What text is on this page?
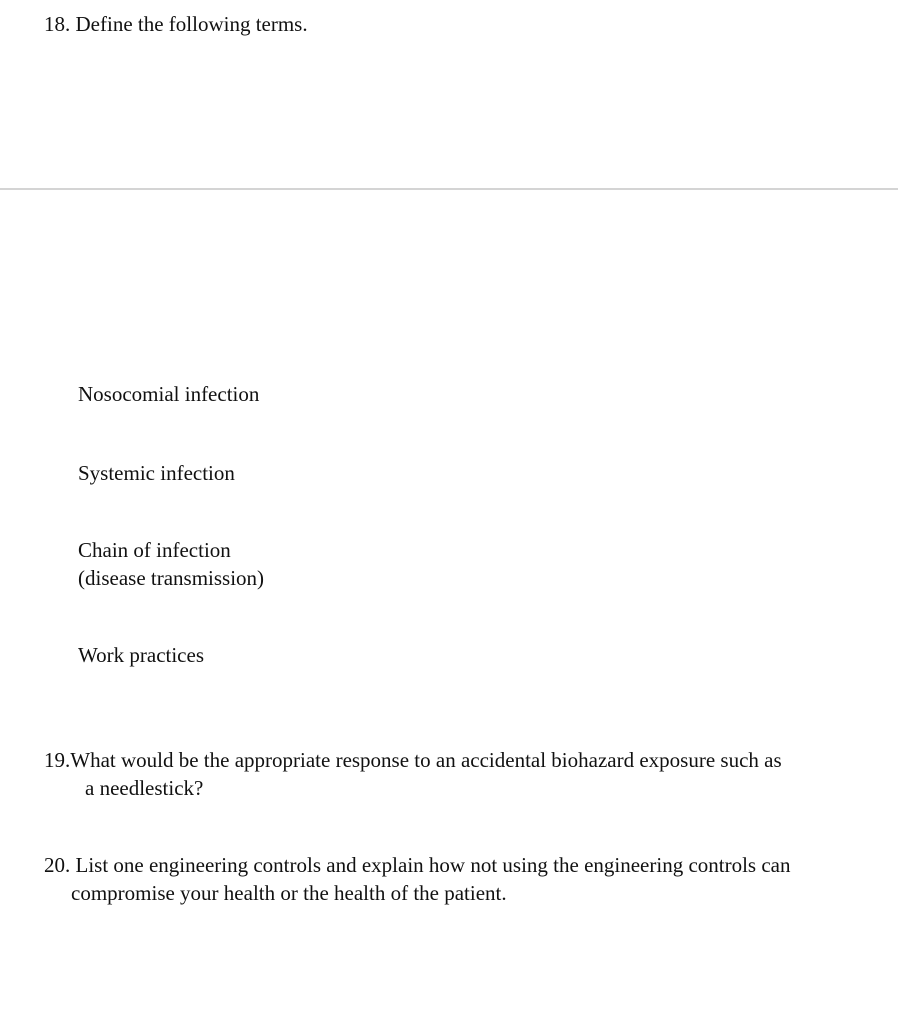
18. Define the following terms.
Nosocomial infection
Systemic infection
Chain of infection
(disease transmission)
Work practices
19.What would be the appropriate response to an accidental biohazard exposure such as
a needlestick?
20. List one engineering controls and explain how not using the engineering controls can
compromise your health or the health of the patient.
